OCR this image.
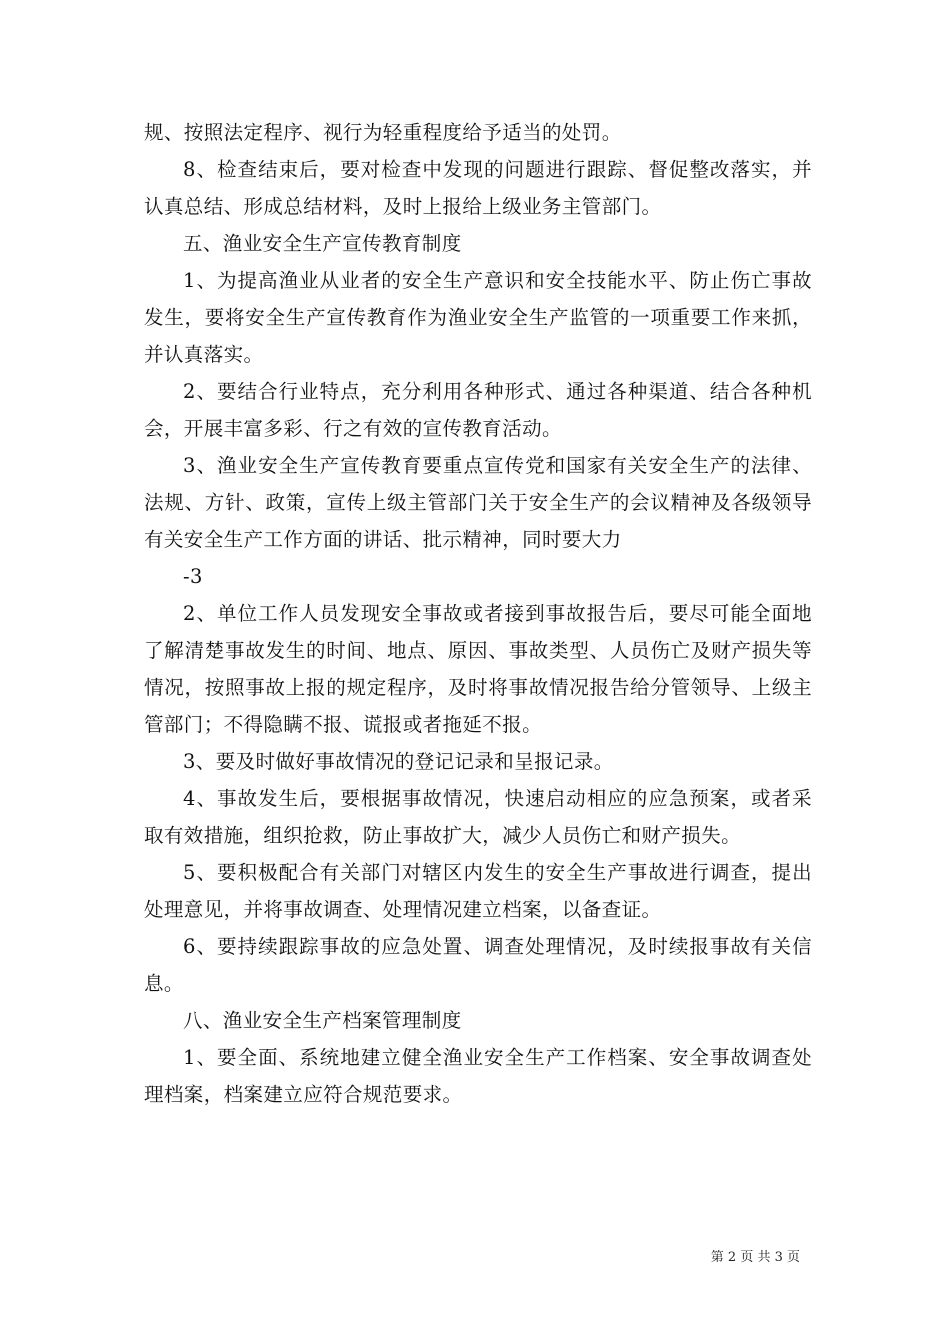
规、按照法定程序、视行为轻重程度给予适当的处罚。

8、检查结束后，要对检查中发现的问题进行跟踪、督促整改落实，并认真总结、形成总结材料，及时上报给上级业务主管部门。

五、渔业安全生产宣传教育制度

1、为提高渔业从业者的安全生产意识和安全技能水平、防止伤亡事故发生，要将安全生产宣传教育作为渔业安全生产监管的一项重要工作来抓，并认真落实。

2、要结合行业特点，充分利用各种形式、通过各种渠道、结合各种机会，开展丰富多彩、行之有效的宣传教育活动。

3、渔业安全生产宣传教育要重点宣传党和国家有关安全生产的法律、法规、方针、政策，宣传上级主管部门关于安全生产的会议精神及各级领导有关安全生产工作方面的讲话、批示精神，同时要大力

-3

2、单位工作人员发现安全事故或者接到事故报告后，要尽可能全面地了解清楚事故发生的时间、地点、原因、事故类型、人员伤亡及财产损失等情况，按照事故上报的规定程序，及时将事故情况报告给分管领导、上级主管部门；不得隐瞒不报、谎报或者拖延不报。

3、要及时做好事故情况的登记记录和呈报记录。

4、事故发生后，要根据事故情况，快速启动相应的应急预案，或者采取有效措施，组织抢救，防止事故扩大，减少人员伤亡和财产损失。

5、要积极配合有关部门对辖区内发生的安全生产事故进行调查，提出处理意见，并将事故调查、处理情况建立档案，以备查证。

6、要持续跟踪事故的应急处置、调查处理情况，及时续报事故有关信息。

八、渔业安全生产档案管理制度

1、要全面、系统地建立健全渔业安全生产工作档案、安全事故调查处理档案，档案建立应符合规范要求。

第 2 页 共 3 页
